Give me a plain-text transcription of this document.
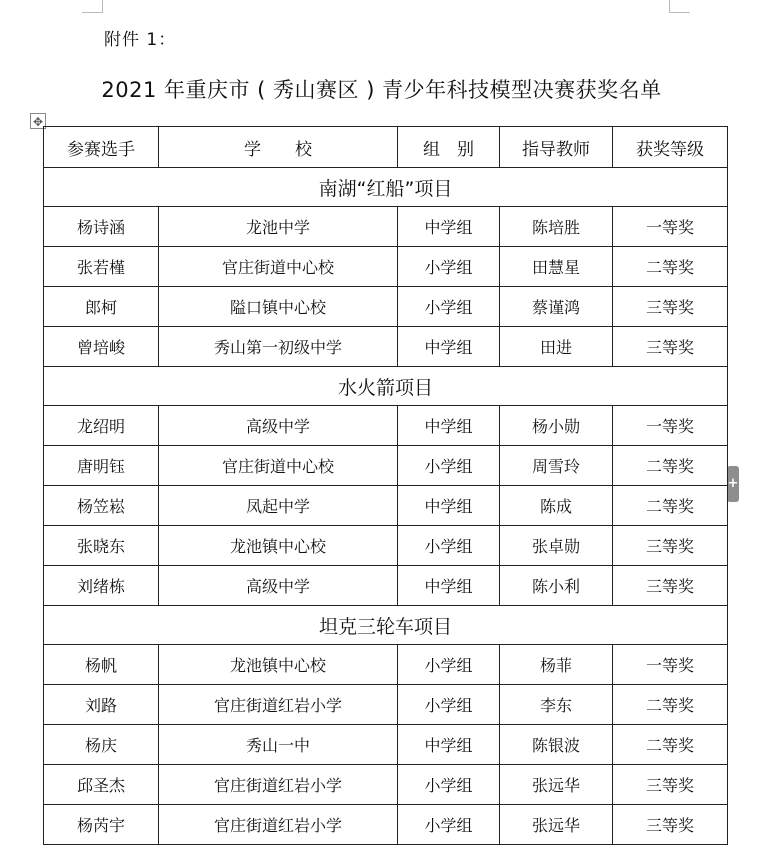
附件 1：
2021 年重庆市 ( 秀山赛区 ) 青少年科技模型决赛获奖名单
✥
+
参赛选手	学　　校	组　别	指导教师	获奖等级
南湖“红船”项目				
杨诗涵	龙池中学	中学组	陈培胜	一等奖
张若槿	官庄街道中心校	小学组	田慧星	二等奖
郎柯	隘口镇中心校	小学组	蔡谨鸿	三等奖
曾培峻	秀山第一初级中学	中学组	田进	三等奖
水火箭项目				
龙绍明	高级中学	中学组	杨小勋	一等奖
唐明钰	官庄街道中心校	小学组	周雪玲	二等奖
杨笠崧	凤起中学	中学组	陈成	二等奖
张晓东	龙池镇中心校	小学组	张卓勋	三等奖
刘绪栋	高级中学	中学组	陈小利	三等奖
坦克三轮车项目				
杨帆	龙池镇中心校	小学组	杨菲	一等奖
刘路	官庄街道红岩小学	小学组	李东	二等奖
杨庆	秀山一中	中学组	陈银波	二等奖
邱圣杰	官庄街道红岩小学	小学组	张远华	三等奖
杨芮宇	官庄街道红岩小学	小学组	张远华	三等奖
